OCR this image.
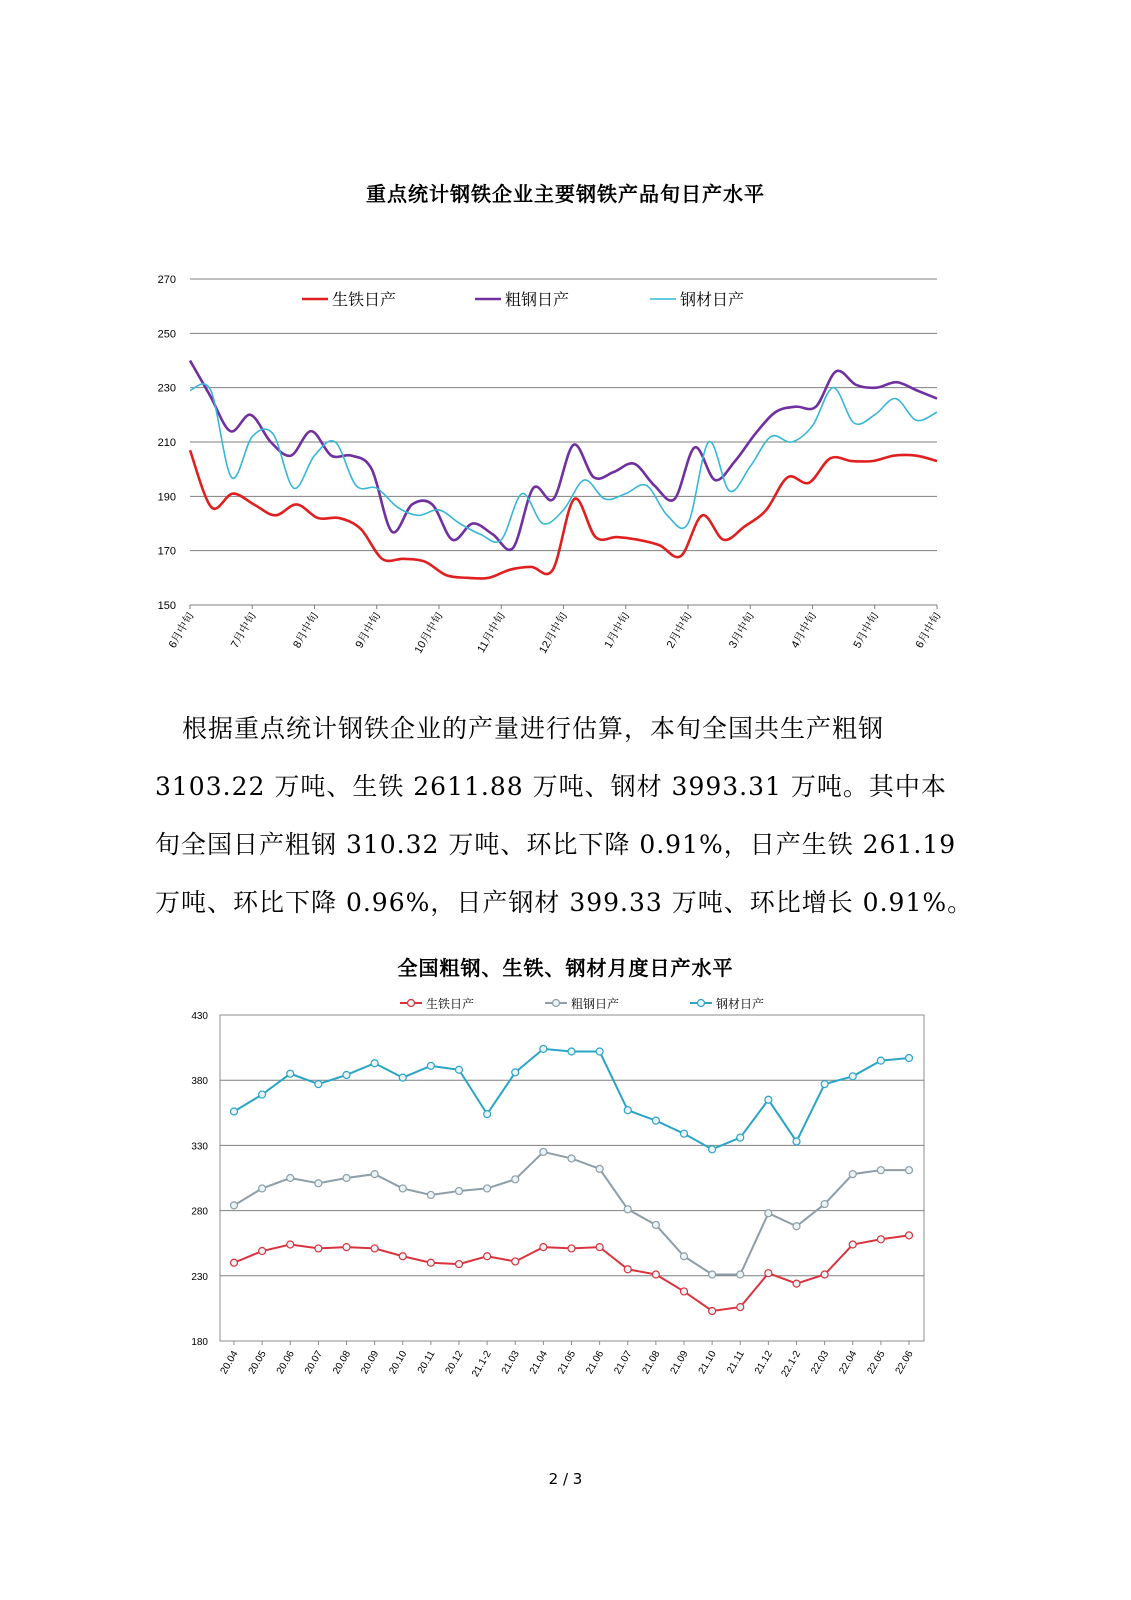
重点统计钢铁企业主要钢铁产品旬日产水平
150
170
190
210
230
250
270
6月中旬	7月中旬	8月中旬	9月中旬	10月中旬	11月中旬	12月中旬	1月中旬	2月中旬	3月中旬	4月中旬	5月中旬	6月中旬
生铁日产	粗钢日产	钢材日产
根据重点统计钢铁企业的产量进行估算，本旬全国共生产粗钢
3103.22 万吨、生铁 2611.88 万吨、钢材 3993.31 万吨。其中本
旬全国日产粗钢 310.32 万吨、环比下降 0.91%，日产生铁 261.19
万吨、环比下降 0.96%，日产钢材 399.33 万吨、环比增长 0.91%。
全国粗钢、生铁、钢材月度日产水平
180
230
280
330
380
430
20.04 20.05 20.06 20.07 20.08 20.09 20.10 20.11 20.12 21.1-2 21.03 21.04 21.05 21.06 21.07 21.08 21.09 21.10 21.11 21.12 22.1-2 22.03 22.04 22.05 22.06
生铁日产	粗钢日产	钢材日产
2 / 3
